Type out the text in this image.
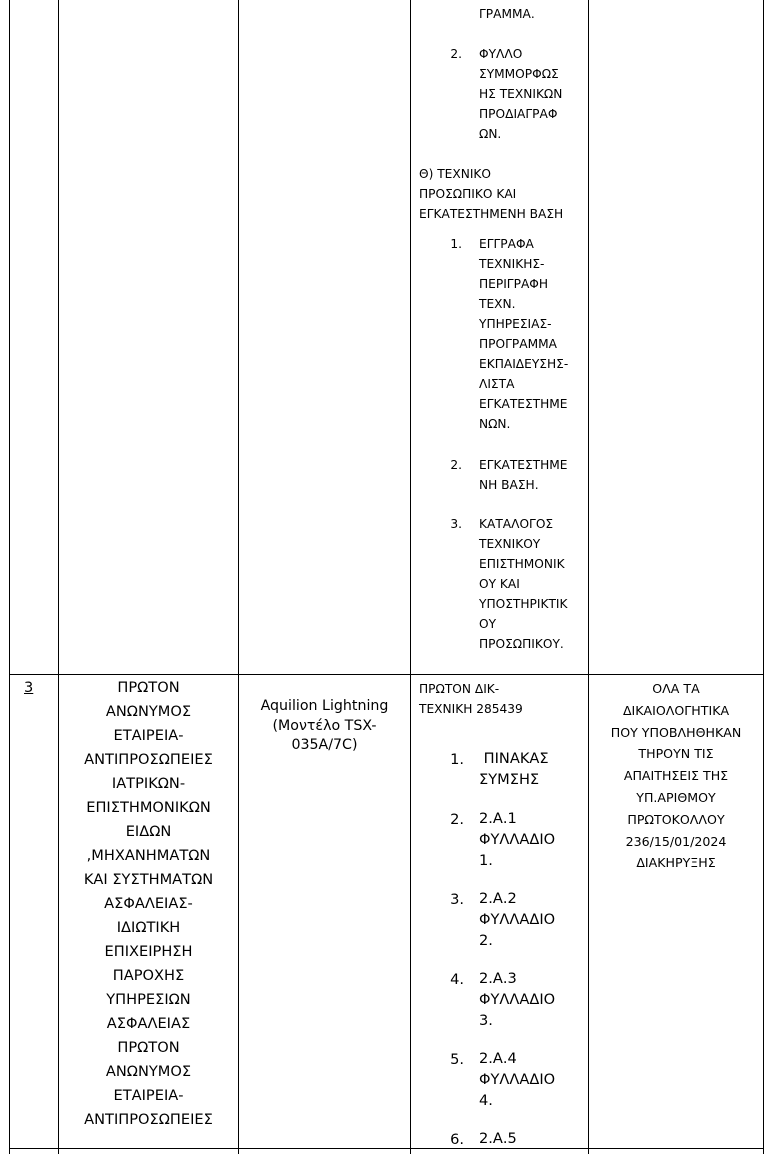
ΓΡΑΜΜΑ.
2. ΦΥΛΛΟ
ΣΥΜΜΟΡΦΩΣ
ΗΣ ΤΕΧΝΙΚΩΝ
ΠΡΟΔΙΑΓΡΑΦ
ΩΝ.
Θ) ΤΕΧΝΙΚΟ
ΠΡΟΣΩΠΙΚΟ ΚΑΙ
ΕΓΚΑΤΕΣΤΗΜΕΝΗ ΒΑΣΗ
1. ΕΓΓΡΑΦΑ
ΤΕΧΝΙΚΗΣ-
ΠΕΡΙΓΡΑΦΗ
ΤΕΧΝ.
ΥΠΗΡΕΣΙΑΣ-
ΠΡΟΓΡΑΜΜΑ
ΕΚΠΑΙΔΕΥΣΗΣ-
ΛΙΣΤΑ
ΕΓΚΑΤΕΣΤΗΜΕ
ΝΩΝ.
2. ΕΓΚΑΤΕΣΤΗΜΕ
ΝΗ ΒΑΣΗ.
3. ΚΑΤΑΛΟΓΟΣ
ΤΕΧΝΙΚΟΥ
ΕΠΙΣΤΗΜΟΝΙΚ
ΟΥ ΚΑΙ
ΥΠΟΣΤΗΡΙΚΤΙΚ
ΟΥ
ΠΡΟΣΩΠΙΚΟΥ.
3	ΠΡΩΤΟΝ
ΑΝΩΝΥΜΟΣ
ΕΤΑΙΡΕΙΑ-
ΑΝΤΙΠΡΟΣΩΠΕΙΕΣ
ΙΑΤΡΙΚΩΝ-
ΕΠΙΣΤΗΜΟΝΙΚΩΝ
ΕΙΔΩΝ
,ΜΗΧΑΝΗΜΑΤΩΝ
ΚΑΙ ΣΥΣΤΗΜΑΤΩΝ
ΑΣΦΑΛΕΙΑΣ-
ΙΔΙΩΤΙΚΗ
ΕΠΙΧΕΙΡΗΣΗ
ΠΑΡΟΧΗΣ
ΥΠΗΡΕΣΙΩΝ
ΑΣΦΑΛΕΙΑΣ
ΠΡΩΤΟΝ
ΑΝΩΝΥΜΟΣ
ΕΤΑΙΡΕΙΑ-
ΑΝΤΙΠΡΟΣΩΠΕΙΕΣ
Aquilion Lightning
(Μοντέλο TSX-
035A/7C)
ΠΡΩΤΟΝ ΔΙΚ-
ΤΕΧΝΙΚΗ 285439
1. ΠΙΝΑΚΑΣ
ΣΥΜΣΗΣ
2. 2.Α.1
ΦΥΛΛΑΔΙΟ
1.
3. 2.Α.2
ΦΥΛΛΑΔΙΟ
2.
4. 2.Α.3
ΦΥΛΛΑΔΙΟ
3.
5. 2.Α.4
ΦΥΛΛΑΔΙΟ
4.
6. 2.Α.5
ΟΛΑ ΤΑ
ΔΙΚΑΙΟΛΟΓΗΤΙΚΑ
ΠΟΥ ΥΠΟΒΛΗΘΗΚΑΝ
ΤΗΡΟΥΝ ΤΙΣ
ΑΠΑΙΤΗΣΕΙΣ ΤΗΣ
ΥΠ.ΑΡΙΘΜΟΥ
ΠΡΩΤΟΚΟΛΛΟΥ
236/15/01/2024
ΔΙΑΚΗΡΥΞΗΣ
